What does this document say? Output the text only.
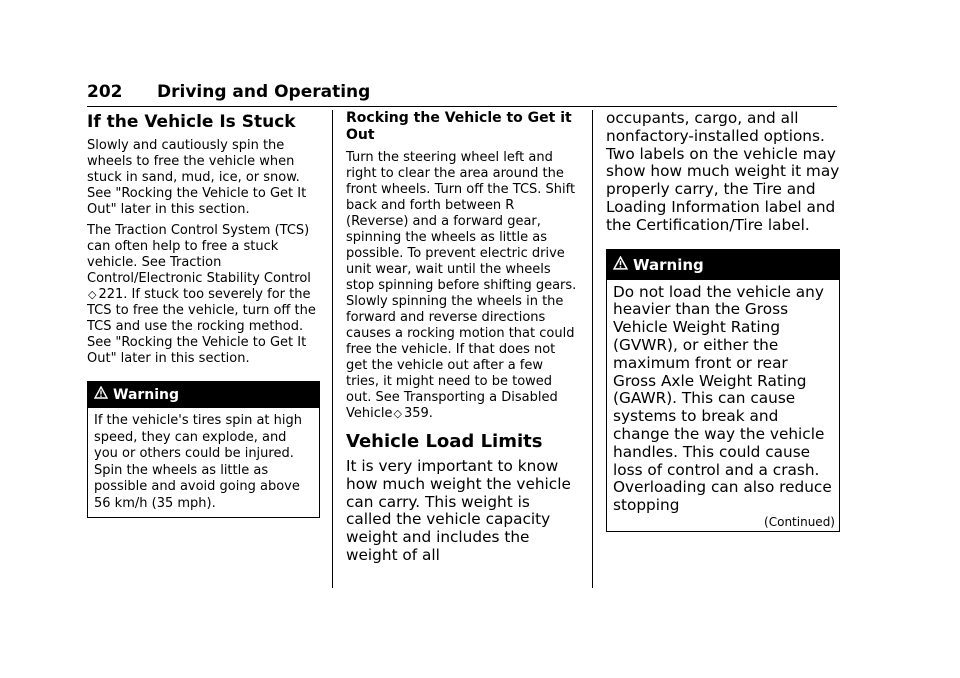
202 Driving and Operating
If the Vehicle Is Stuck

Slowly and cautiously spin the wheels to free the vehicle when stuck in sand, mud, ice, or snow. See "Rocking the Vehicle to Get It Out" later in this section.

The Traction Control System (TCS) can often help to free a stuck vehicle. See Traction Control/Electronic Stability Control◇ 221. If stuck too severely for the TCS to free the vehicle, turn off the TCS and use the rocking method. See "Rocking the Vehicle to Get It Out" later in this section.

Warning

If the vehicle's tires spin at high speed, they can explode, and you or others could be injured. Spin the wheels as little as possible and avoid going above 56 km/h (35 mph).

Rocking the Vehicle to Get it Out

Turn the steering wheel left and right to clear the area around the front wheels. Turn off the TCS. Shift back and forth between R (Reverse) and a forward gear, spinning the wheels as little as possible. To prevent electric drive unit wear, wait until the wheels stop spinning before shifting gears. Slowly spinning the wheels in the forward and reverse directions causes a rocking motion that could free the vehicle. If that does not get the vehicle out after a few tries, it might need to be towed out. See Transporting a Disabled Vehicle◇ 359.

Vehicle Load Limits

It is very important to know how much weight the vehicle can carry. This weight is called the vehicle capacity weight and includes the weight of all

occupants, cargo, and all nonfactory-installed options. Two labels on the vehicle may show how much weight it may properly carry, the Tire and Loading Information label and the Certification/Tire label.

Warning

Do not load the vehicle any heavier than the Gross Vehicle Weight Rating (GVWR), or either the maximum front or rear Gross Axle Weight Rating (GAWR). This can cause systems to break and change the way the vehicle handles. This could cause loss of control and a crash. Overloading can also reduce stopping

(Continued)
